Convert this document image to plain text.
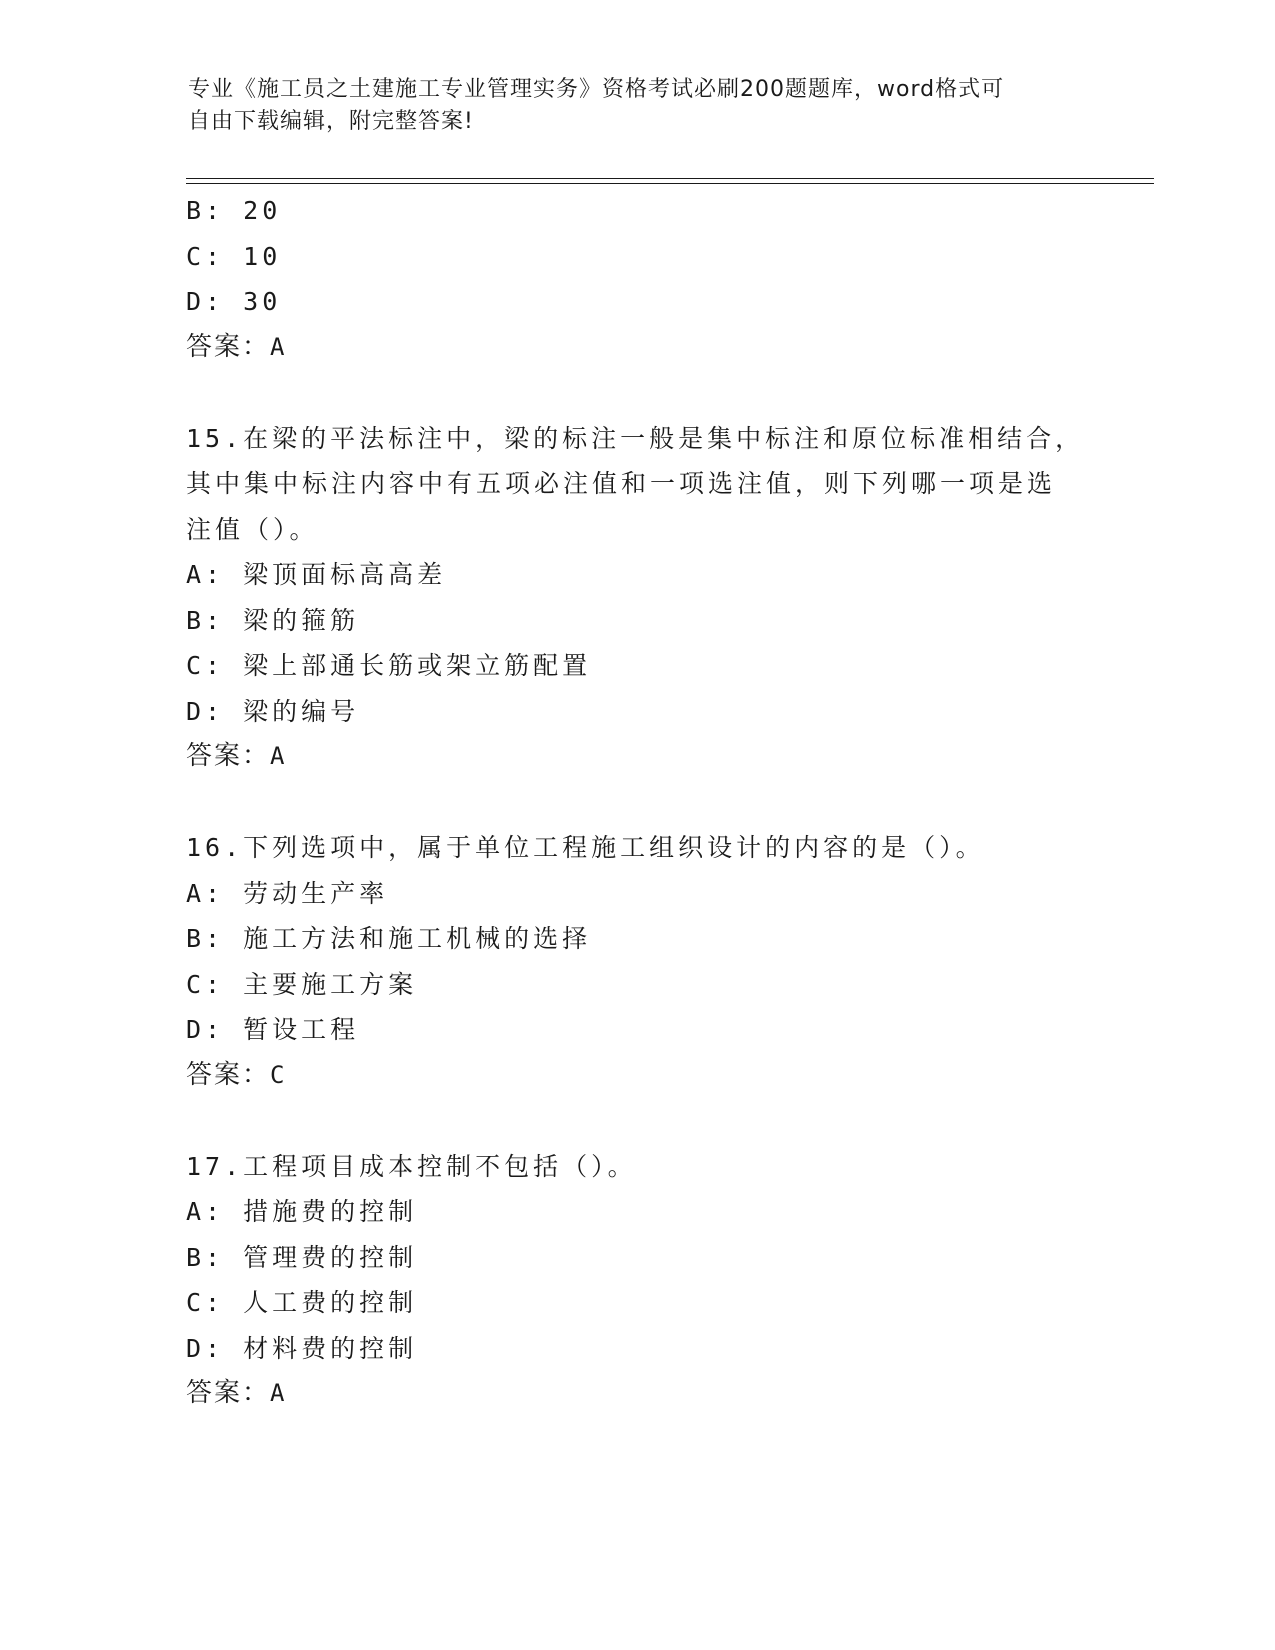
专业《施工员之土建施工专业管理实务》资格考试必刷200题题库，word格式可
自由下载编辑，附完整答案!
B: 20
C: 10
D: 30
答案：A
15.在梁的平法标注中，梁的标注一般是集中标注和原位标准相结合，
其中集中标注内容中有五项必注值和一项选注值，则下列哪一项是选
注值（）。
A: 梁顶面标高高差
B: 梁的箍筋
C: 梁上部通长筋或架立筋配置
D: 梁的编号
答案：A
16.下列选项中，属于单位工程施工组织设计的内容的是（）。
A: 劳动生产率
B: 施工方法和施工机械的选择
C: 主要施工方案
D: 暂设工程
答案：C
17.工程项目成本控制不包括（）。
A: 措施费的控制
B: 管理费的控制
C: 人工费的控制
D: 材料费的控制
答案：A
